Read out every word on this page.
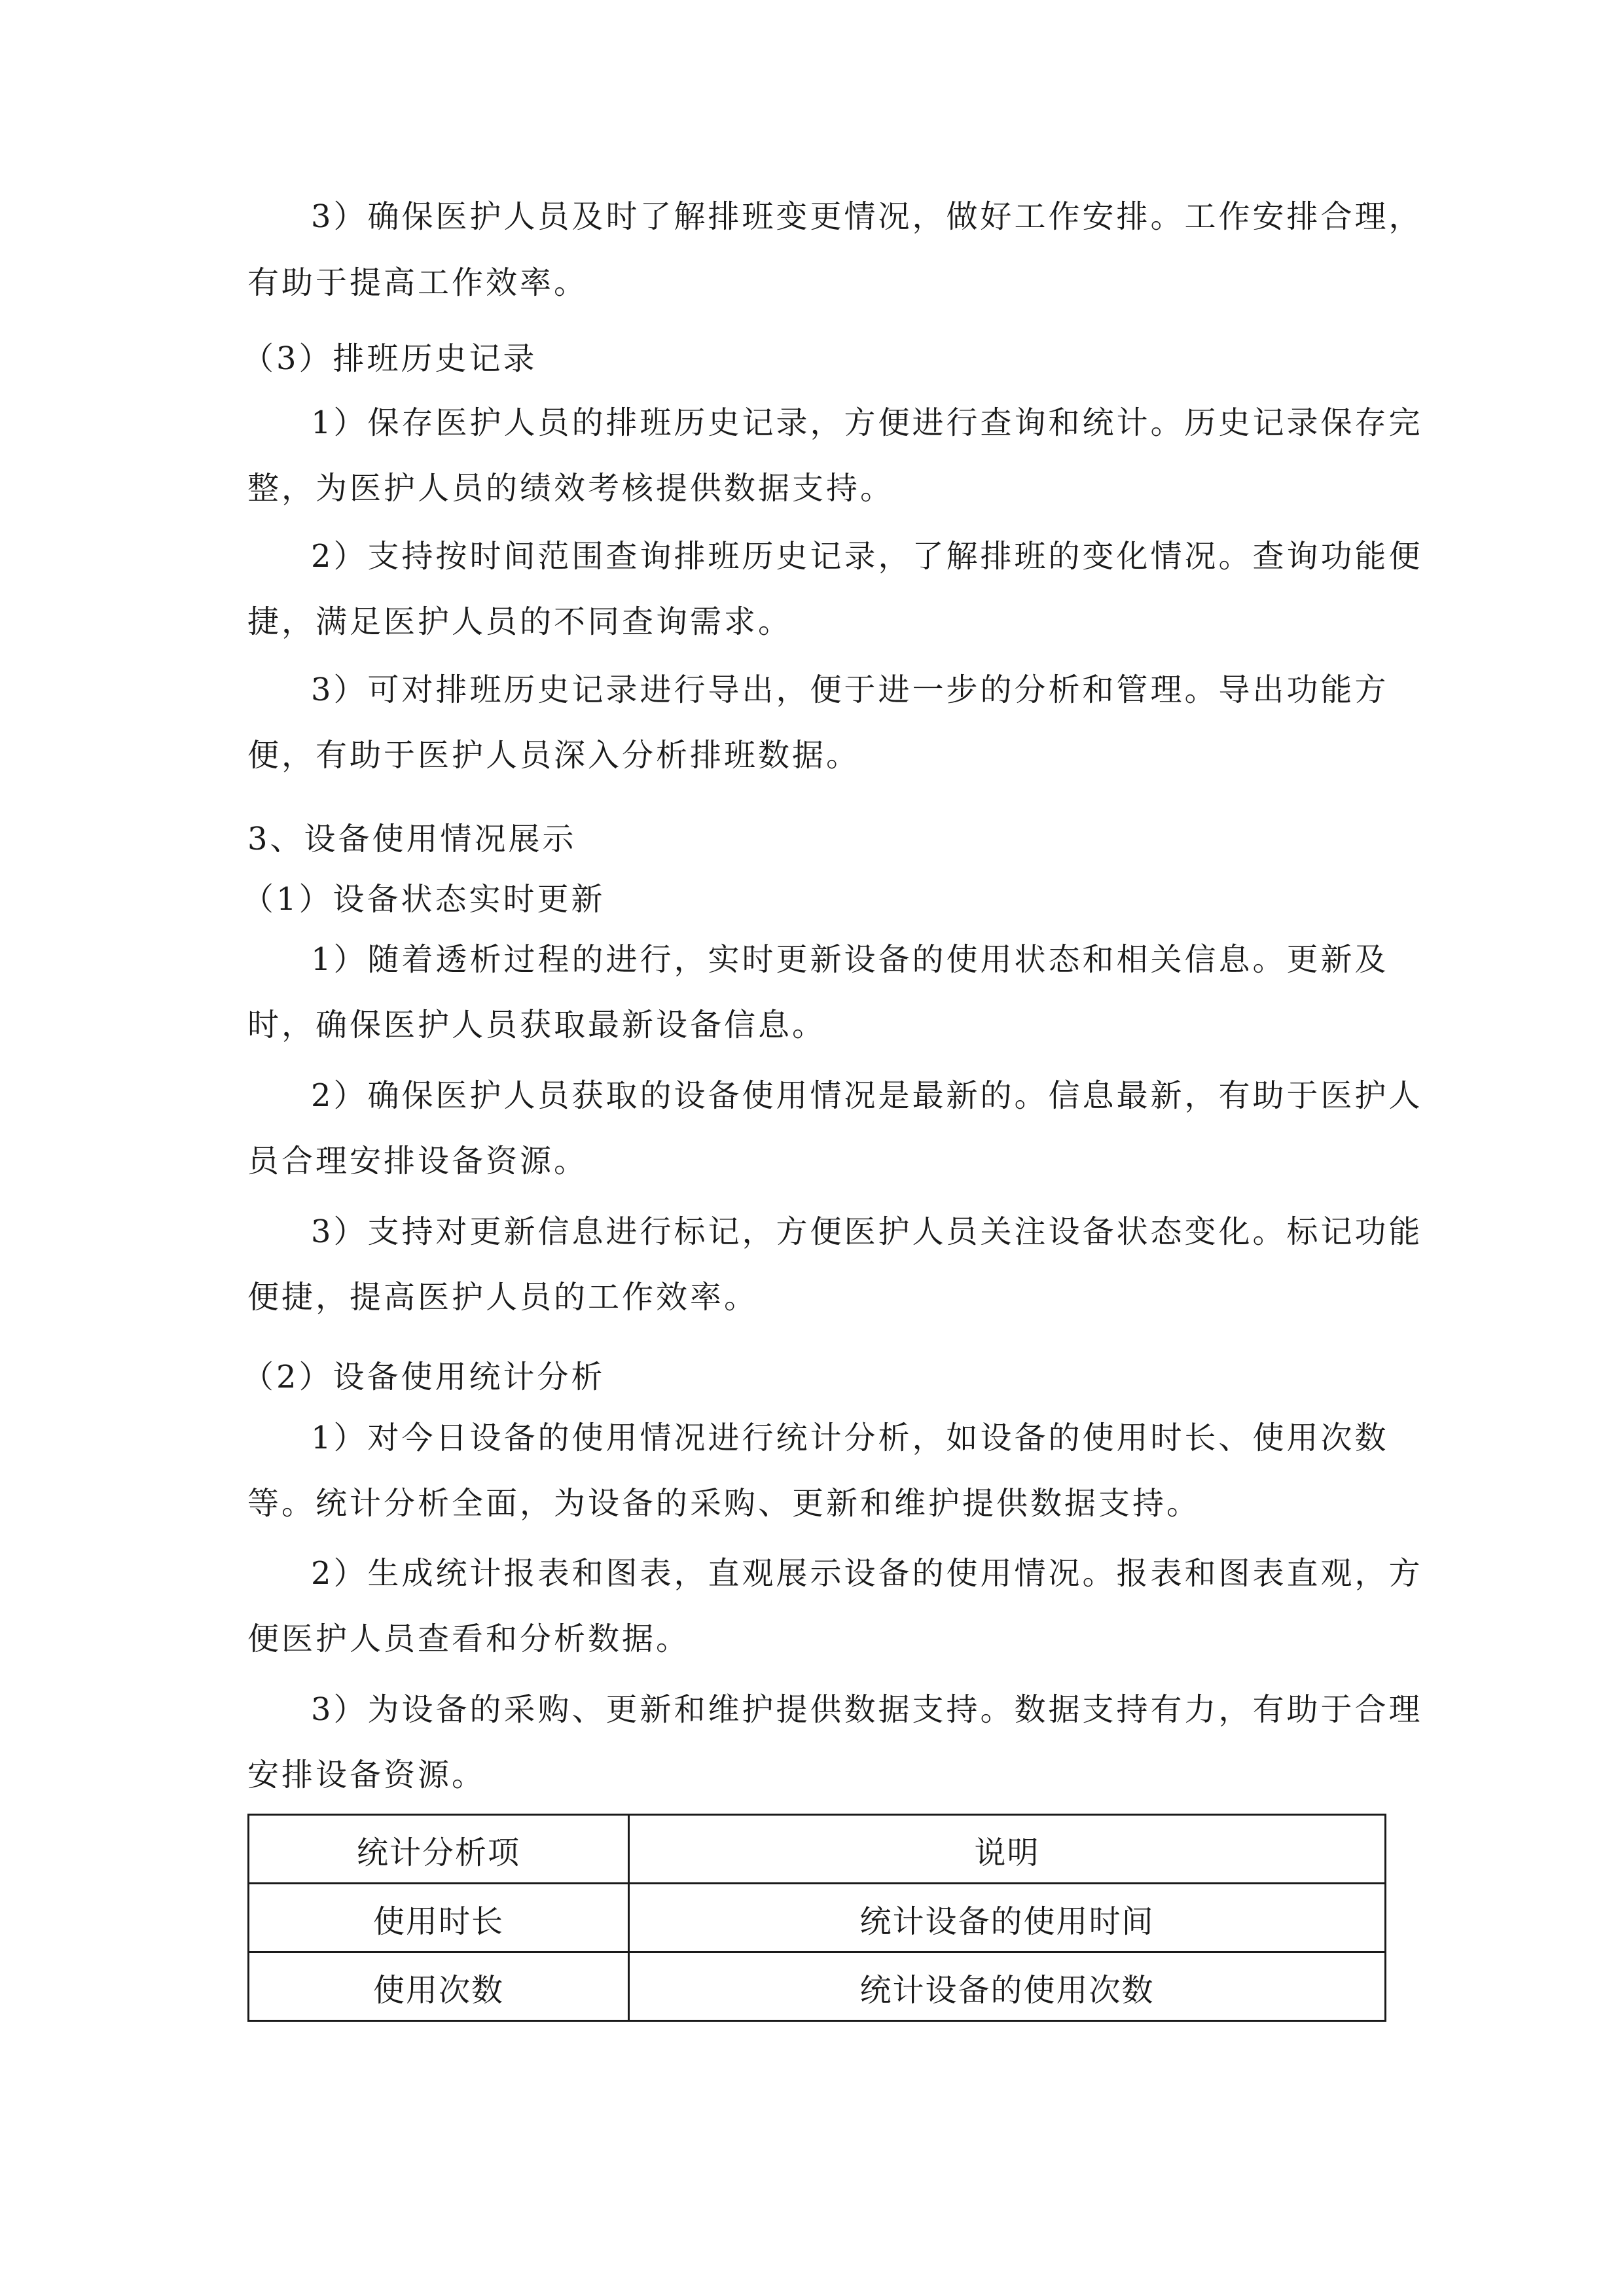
3）确保医护人员及时了解排班变更情况，做好工作安排。工作安排合理，

有助于提高工作效率。

（3）排班历史记录

1）保存医护人员的排班历史记录，方便进行查询和统计。历史记录保存完

整，为医护人员的绩效考核提供数据支持。

2）支持按时间范围查询排班历史记录，了解排班的变化情况。查询功能便

捷，满足医护人员的不同查询需求。

3）可对排班历史记录进行导出，便于进一步的分析和管理。导出功能方

便，有助于医护人员深入分析排班数据。

3、设备使用情况展示

（1）设备状态实时更新

1）随着透析过程的进行，实时更新设备的使用状态和相关信息。更新及

时，确保医护人员获取最新设备信息。

2）确保医护人员获取的设备使用情况是最新的。信息最新，有助于医护人

员合理安排设备资源。

3）支持对更新信息进行标记，方便医护人员关注设备状态变化。标记功能

便捷，提高医护人员的工作效率。

（2）设备使用统计分析

1）对今日设备的使用情况进行统计分析，如设备的使用时长、使用次数

等。统计分析全面，为设备的采购、更新和维护提供数据支持。

2）生成统计报表和图表，直观展示设备的使用情况。报表和图表直观，方

便医护人员查看和分析数据。

3）为设备的采购、更新和维护提供数据支持。数据支持有力，有助于合理

安排设备资源。

统计分析项	说明
使用时长	统计设备的使用时间
使用次数	统计设备的使用次数
